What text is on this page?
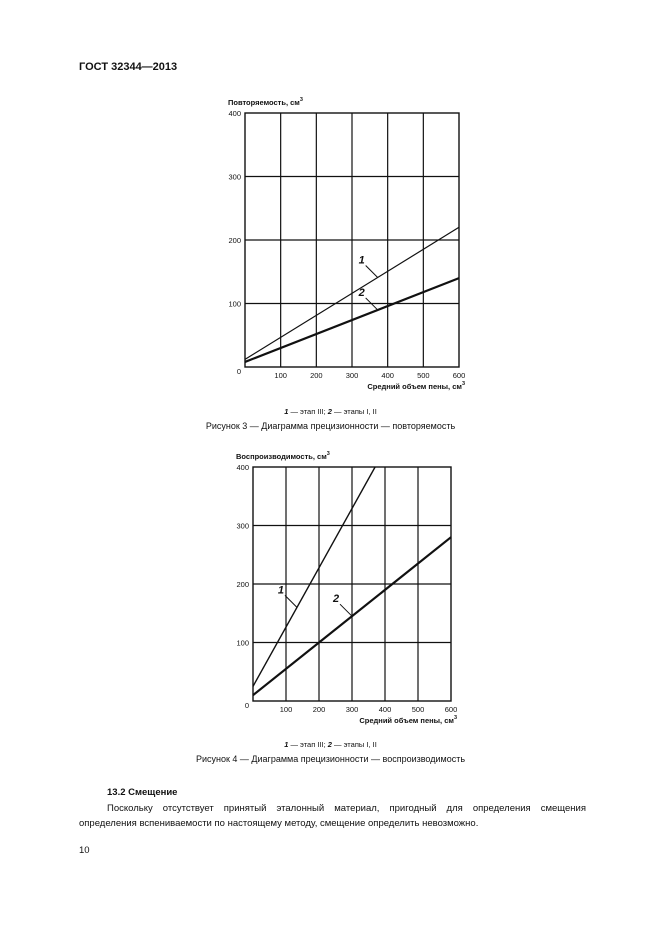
ГОСТ 32344—2013
100	200	300	400	500	600
0
100
200
300
400
Повторяемость, $см^3$
Средний объем пены, $см^3$
1
2
1 — этап III; 2 — этапы I, II
Рисунок 3 — Диаграмма прецизионности — повторяемость
100	200	300	400	500	600
0
100
200
300
400
Воспроизводимость, $см^3$
Средний объем пены, $см^3$
1
2
1 — этап III; 2 — этапы I, II
Рисунок 4 — Диаграмма прецизионности — воспроизводимость
13.2 Смещение
Поскольку отсутствует принятый эталонный материал, пригодный для определения смещения определения вспениваемости по настоящему методу, смещение определить невозможно.
10
